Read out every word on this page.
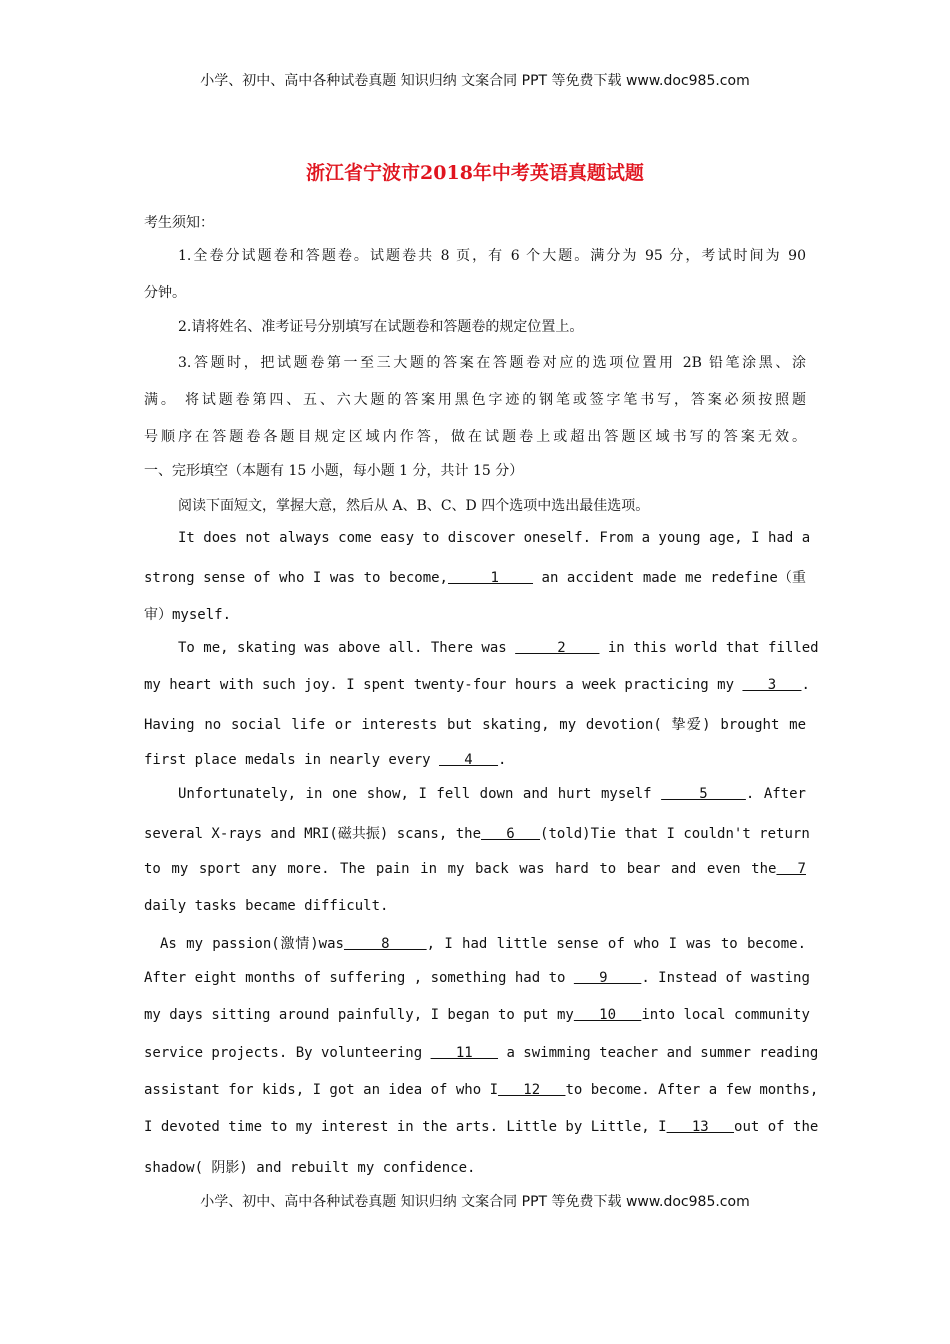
小学、初中、高中各种试卷真题 知识归纳 文案合同 PPT 等免费下载 www.doc985.com
浙江省宁波市2018年中考英语真题试题
考生须知：
1.全卷分试题卷和答题卷。试题卷共 8 页，有 6 个大题。满分为 95 分，考试时间为 90
分钟。
2.请将姓名、准考证号分别填写在试题卷和答题卷的规定位置上。
3.答题时，把试题卷第一至三大题的答案在答题卷对应的选项位置用 2B 铅笔涂黑、涂
满。 将试题卷第四、五、六大题的答案用黑色字迹的钢笔或签字笔书写，答案必须按照题
号顺序在答题卷各题目规定区域内作答，做在试题卷上或超出答题区域书写的答案无效。
一、完形填空（本题有 15 小题，每小题 1 分，共计 15 分）
阅读下面短文，掌握大意，然后从 A、B、C、D 四个选项中选出最佳选项。
It does not always come easy to discover oneself. From a young age, I had a
strong sense of who I was to become,     1     an accident made me redefine（重
审）myself.
To me, skating was above all. There was      2     in this world that filled
my heart with such joy. I spent twenty-four hours a week practicing my    3   .
Having no social life or interests but skating, my devotion( 挚爱) brought me
first place medals in nearly every    4   .
Unfortunately, in one show, I fell down and hurt myself     5    . After
several X-rays and MRI(磁共振) scans, the   6   (told)Tie that I couldn't return
to my sport any more. The pain in my back was hard to bear and even the  7
daily tasks became difficult.
As my passion(激情)was    8    , I had little sense of who I was to become.
After eight months of suffering , something had to    9    . Instead of wasting
my days sitting around painfully, I began to put my   10   into local community
service projects. By volunteering    11    a swimming teacher and summer reading
assistant for kids, I got an idea of who I   12   to become. After a few months,
I devoted time to my interest in the arts. Little by Little, I   13   out of the
shadow( 阴影) and rebuilt my confidence.
小学、初中、高中各种试卷真题 知识归纳 文案合同 PPT 等免费下载 www.doc985.com
